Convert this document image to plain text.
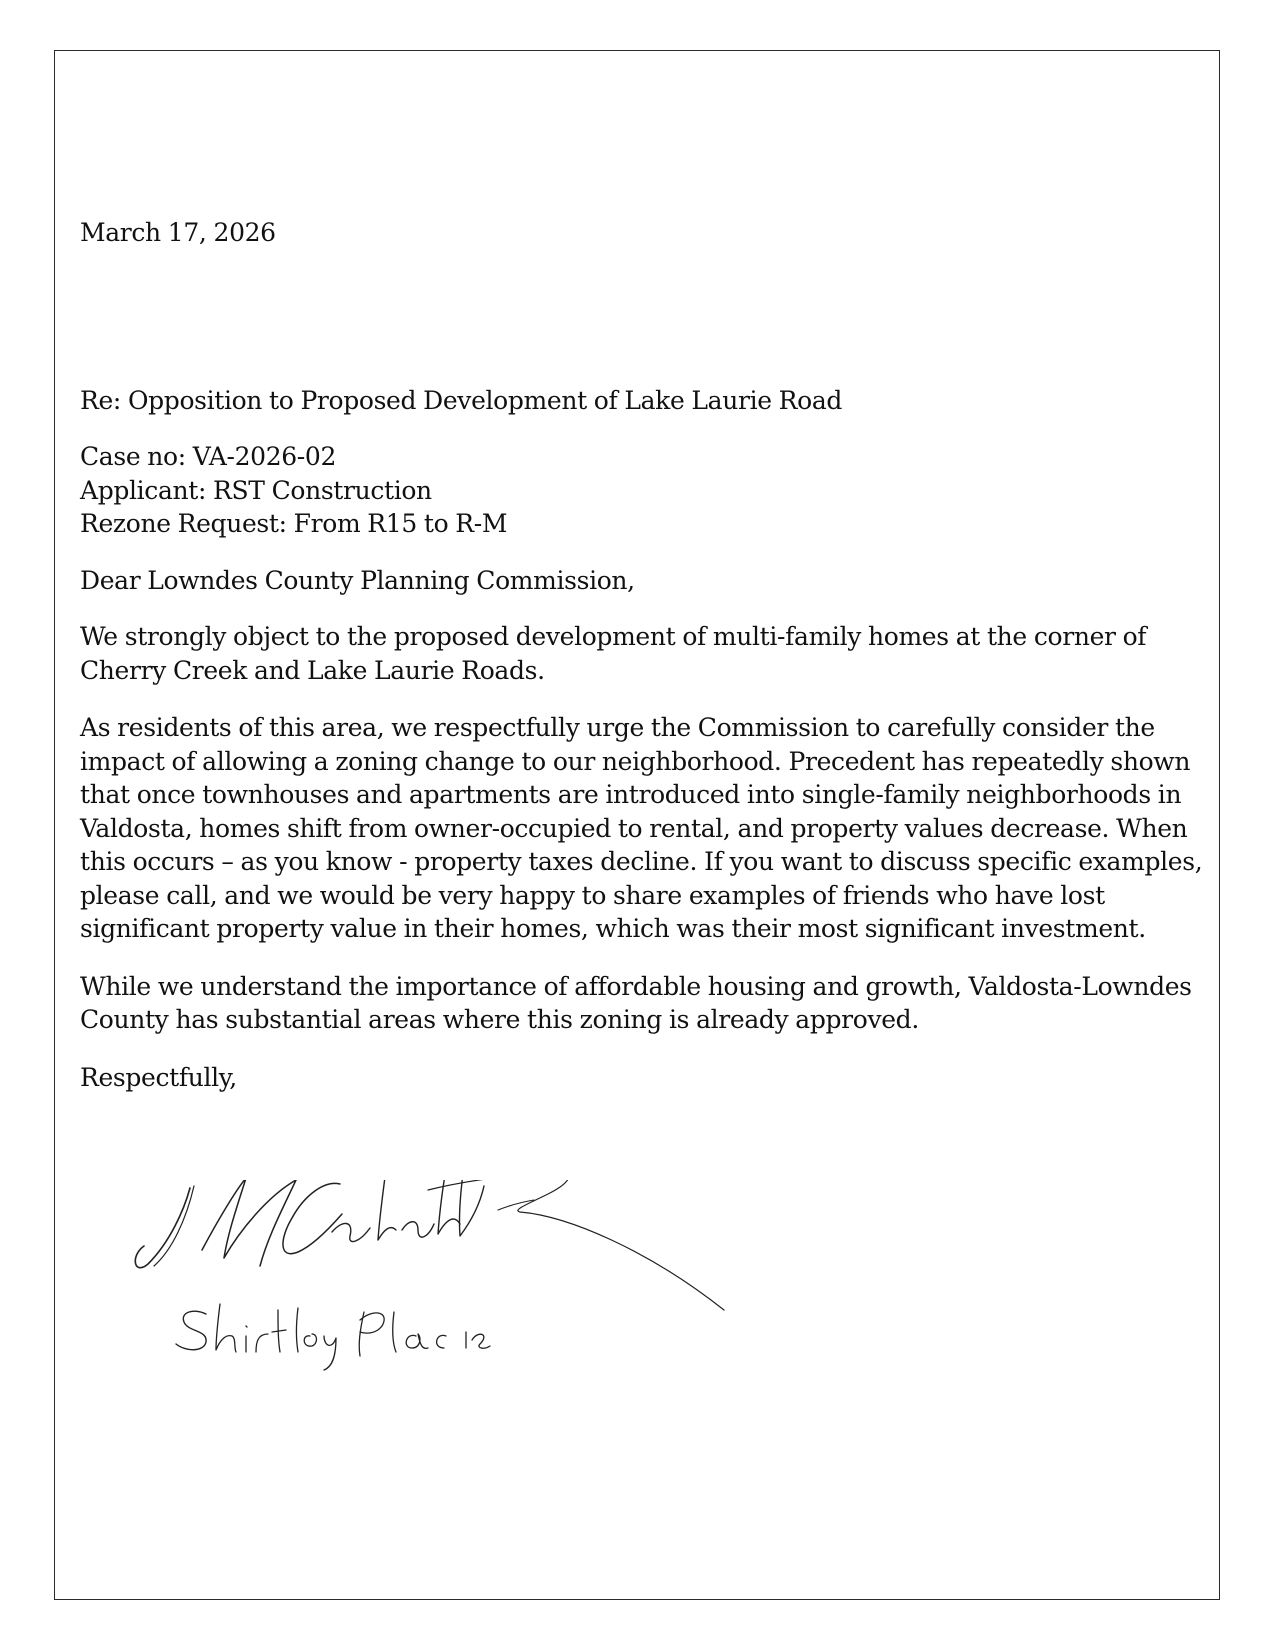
March 17, 2026

Re: Opposition to Proposed Development of Lake Laurie Road

Case no: VA-2026-02

Applicant: RST Construction

Rezone Request: From R15 to R-M

Dear Lowndes County Planning Commission,

We strongly object to the proposed development of multi-family homes at the corner of Cherry Creek and Lake Laurie Roads.

As residents of this area, we respectfully urge the Commission to carefully consider the impact of allowing a zoning change to our neighborhood. Precedent has repeatedly shown that once townhouses and apartments are introduced into single-family neighborhoods in Valdosta, homes shift from owner-occupied to rental, and property values decrease. When this occurs – as you know - property taxes decline. If you want to discuss specific examples, please call, and we would be very happy to share examples of friends who have lost significant property value in their homes, which was their most significant investment.

While we understand the importance of affordable housing and growth, Valdosta-Lowndes County has substantial areas where this zoning is already approved.

Respectfully,
